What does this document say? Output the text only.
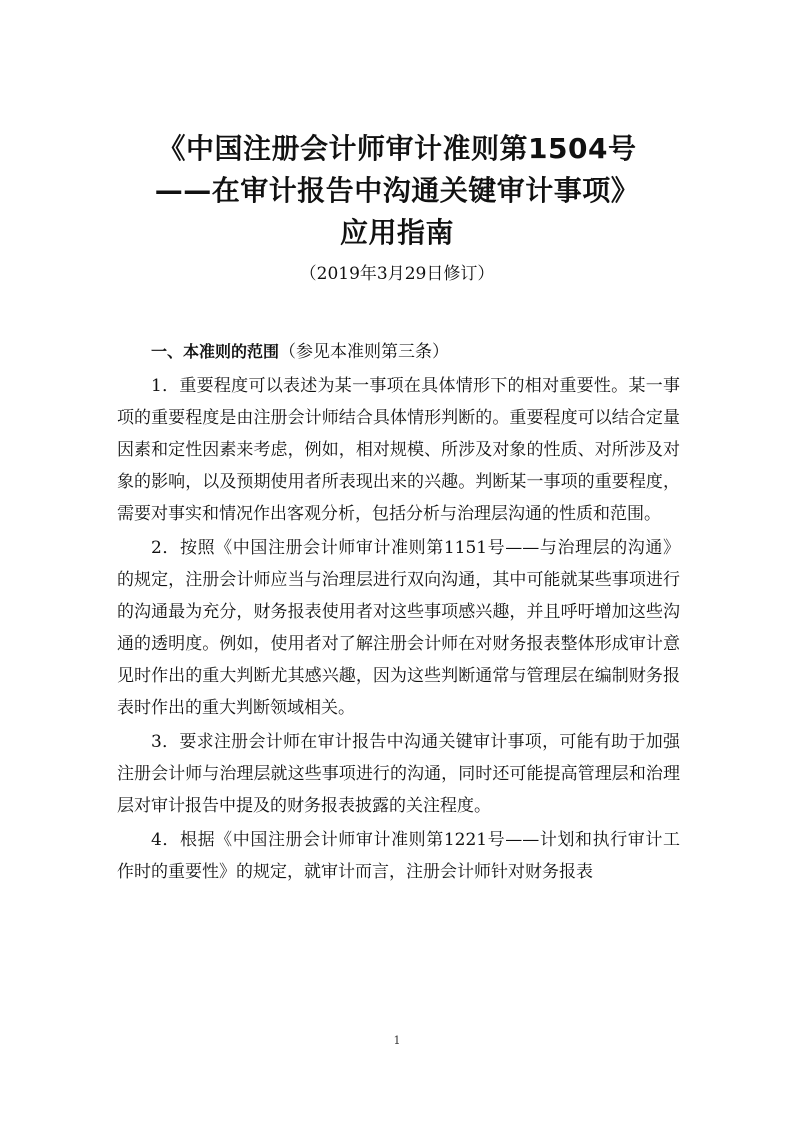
《中国注册会计师审计准则第1504号
——在审计报告中沟通关键审计事项》
应用指南
（2019年3月29日修订）

一、本准则的范围（参见本准则第三条）

1．重要程度可以表述为某一事项在具体情形下的相对重要性。某一事项的重要程度是由注册会计师结合具体情形判断的。重要程度可以结合定量因素和定性因素来考虑，例如，相对规模、所涉及对象的性质、对所涉及对象的影响，以及预期使用者所表现出来的兴趣。判断某一事项的重要程度，需要对事实和情况作出客观分析，包括分析与治理层沟通的性质和范围。

2．按照《中国注册会计师审计准则第1151号——与治理层的沟通》的规定，注册会计师应当与治理层进行双向沟通，其中可能就某些事项进行的沟通最为充分，财务报表使用者对这些事项感兴趣，并且呼吁增加这些沟通的透明度。例如，使用者对了解注册会计师在对财务报表整体形成审计意见时作出的重大判断尤其感兴趣，因为这些判断通常与管理层在编制财务报表时作出的重大判断领域相关。

3．要求注册会计师在审计报告中沟通关键审计事项，可能有助于加强注册会计师与治理层就这些事项进行的沟通，同时还可能提高管理层和治理层对审计报告中提及的财务报表披露的关注程度。

4．根据《中国注册会计师审计准则第1221号——计划和执行审计工作时的重要性》的规定，就审计而言，注册会计师针对财务报表

1
